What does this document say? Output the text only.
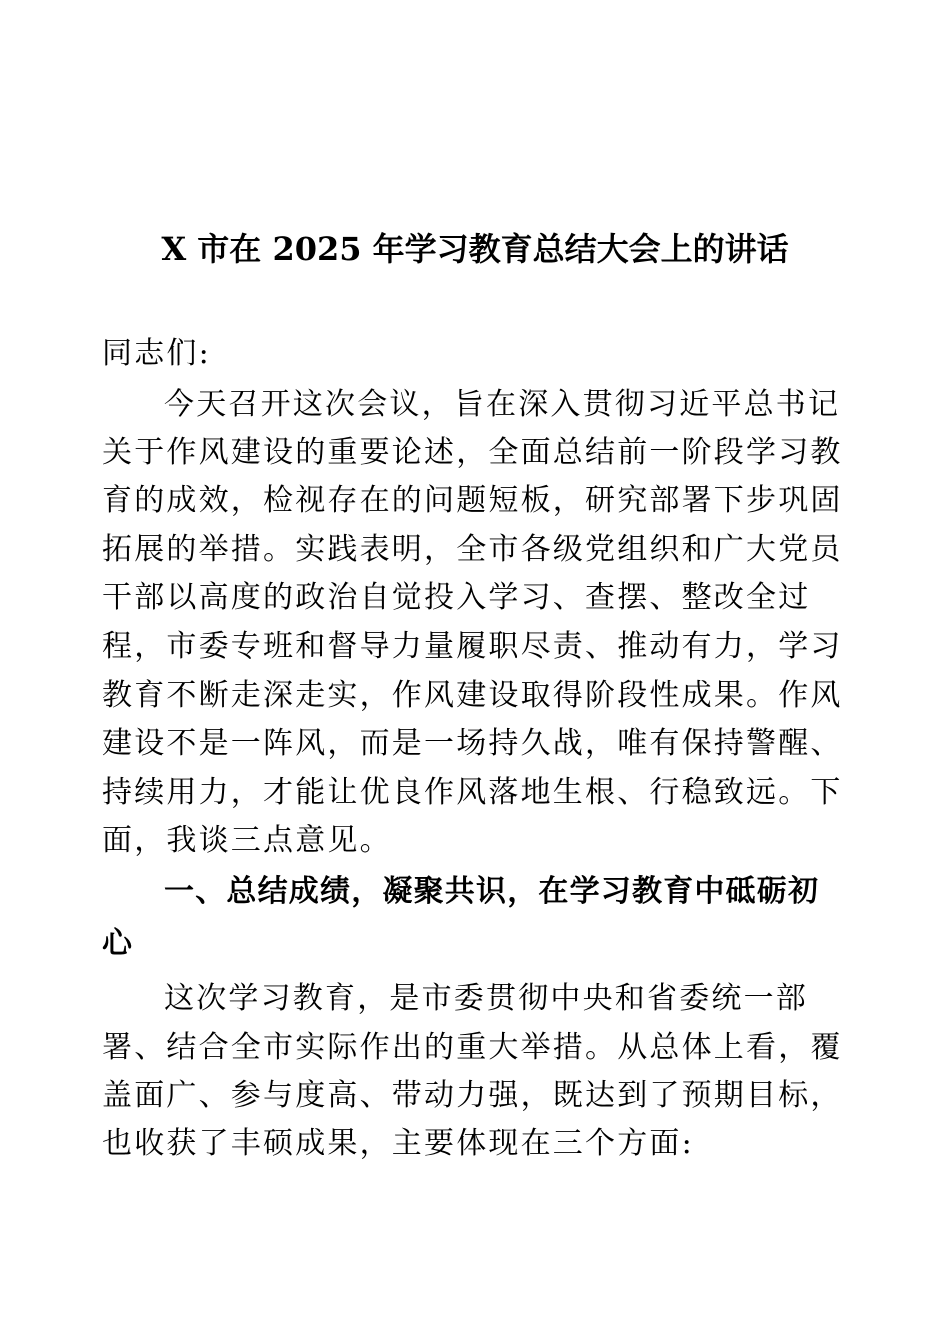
X 市在 2025 年学习教育总结大会上的讲话
同志们:
今天召开这次会议，旨在深入贯彻习近平总书记
关于作风建设的重要论述，全面总结前一阶段学习教
育的成效，检视存在的问题短板，研究部署下步巩固
拓展的举措。实践表明，全市各级党组织和广大党员
干部以高度的政治自觉投入学习、查摆、整改全过
程，市委专班和督导力量履职尽责、推动有力，学习
教育不断走深走实，作风建设取得阶段性成果。作风
建设不是一阵风，而是一场持久战，唯有保持警醒、
持续用力，才能让优良作风落地生根、行稳致远。下
面，我谈三点意见。
一、总结成绩，凝聚共识，在学习教育中砥砺初
心
这次学习教育，是市委贯彻中央和省委统一部
署、结合全市实际作出的重大举措。从总体上看，覆
盖面广、参与度高、带动力强，既达到了预期目标，
也收获了丰硕成果，主要体现在三个方面:
